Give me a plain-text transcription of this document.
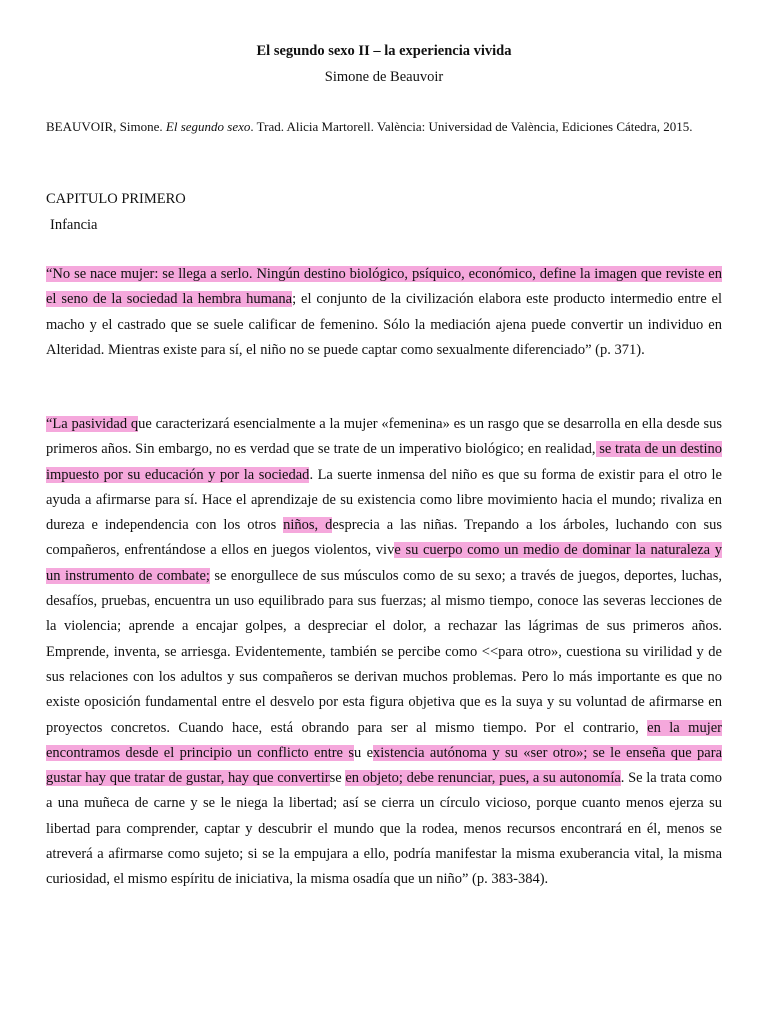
El segundo sexo II – la experiencia vivida
Simone de Beauvoir
BEAUVOIR, Simone. El segundo sexo. Trad. Alicia Martorell. València: Universidad de València, Ediciones Cátedra, 2015.
CAPITULO PRIMERO
Infancia
“No se nace mujer: se llega a serlo. Ningún destino biológico, psíquico, económico, define la imagen que reviste en el seno de la sociedad la hembra humana; el conjunto de la civilización elabora este producto intermedio entre el macho y el castrado que se suele calificar de femenino. Sólo la mediación ajena puede convertir un individuo en Alteridad. Mientras existe para sí, el niño no se puede captar como sexualmente diferenciado” (p. 371).
“La pasividad que caracterizará esencialmente a la mujer «femenina» es un rasgo que se desarrolla en ella desde sus primeros años. Sin embargo, no es verdad que se trate de un imperativo biológico; en realidad, se trata de un destino impuesto por su educación y por la sociedad. La suerte inmensa del niño es que su forma de existir para el otro le ayuda a afirmarse para sí. Hace el aprendizaje de su existencia como libre movimiento hacia el mundo; rivaliza en dureza e independencia con los otros niños, desprecia a las niñas. Trepando a los árboles, luchando con sus compañeros, enfrentándose a ellos en juegos violentos, vive su cuerpo como un medio de dominar la naturaleza y un instrumento de combate; se enorgullece de sus músculos como de su sexo; a través de juegos, deportes, luchas, desafíos, pruebas, encuentra un uso equilibrado para sus fuerzas; al mismo tiempo, conoce las severas lecciones de la violencia; aprende a encajar golpes, a despreciar el dolor, a rechazar las lágrimas de sus primeros años. Emprende, inventa, se arriesga. Evidentemente, también se percibe como <<para otro», cuestiona su virilidad y de sus relaciones con los adultos y sus compañeros se derivan muchos problemas. Pero lo más importante es que no existe oposición fundamental entre el desvelo por esta figura objetiva que es la suya y su voluntad de afirmarse en proyectos concretos. Cuando hace, está obrando para ser al mismo tiempo. Por el contrario, en la mujer encontramos desde el principio un conflicto entre su existencia autónoma y su «ser otro»; se le enseña que para gustar hay que tratar de gustar, hay que convertirse en objeto; debe renunciar, pues, a su autonomía. Se la trata como a una muñeca de carne y se le niega la libertad; así se cierra un círculo vicioso, porque cuanto menos ejerza su libertad para comprender, captar y descubrir el mundo que la rodea, menos recursos encontrará en él, menos se atreverá a afirmarse como sujeto; si se la empujara a ello, podría manifestar la misma exuberancia vital, la misma curiosidad, el mismo espíritu de iniciativa, la misma osadía que un niño” (p. 383-384).
